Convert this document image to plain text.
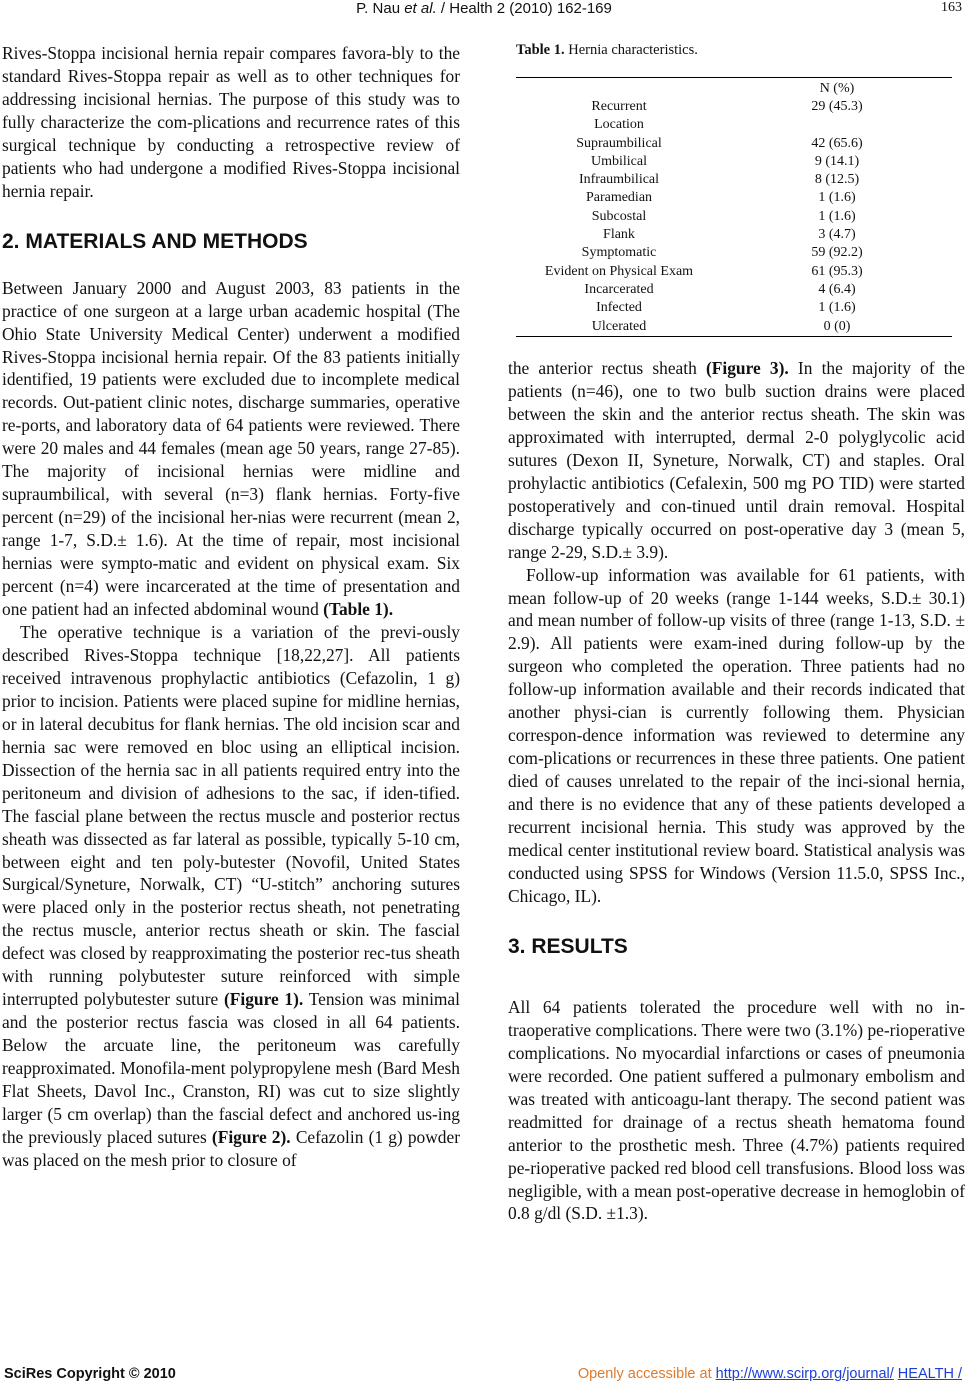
P. Nau et al. / Health 2 (2010) 162-169	163

Rives-Stoppa incisional hernia repair compares favora-bly to the standard Rives-Stoppa repair as well as to other techniques for addressing incisional hernias. The purpose of this study was to fully characterize the com-plications and recurrence rates of this surgical technique by conducting a retrospective review of patients who had undergone a modified Rives-Stoppa incisional hernia repair.

2. MATERIALS AND METHODS

Between January 2000 and August 2003, 83 patients in the practice of one surgeon at a large urban academic hospital (The Ohio State University Medical Center) underwent a modified Rives-Stoppa incisional hernia repair. Of the 83 patients initially identified, 19 patients were excluded due to incomplete medical records. Out-patient clinic notes, discharge summaries, operative re-ports, and laboratory data of 64 patients were reviewed. There were 20 males and 44 females (mean age 50 years, range 27-85). The majority of incisional hernias were midline and supraumbilical, with several (n=3) flank hernias. Forty-five percent (n=29) of the incisional her-nias were recurrent (mean 2, range 1-7, S.D.± 1.6). At the time of repair, most incisional hernias were sympto-matic and evident on physical exam. Six percent (n=4) were incarcerated at the time of presentation and one patient had an infected abdominal wound (Table 1).

The operative technique is a variation of the previ-ously described Rives-Stoppa technique [18,22,27]. All patients received intravenous prophylactic antibiotics (Cefazolin, 1 g) prior to incision. Patients were placed supine for midline hernias, or in lateral decubitus for flank hernias. The old incision scar and hernia sac were removed en bloc using an elliptical incision. Dissection of the hernia sac in all patients required entry into the peritoneum and division of adhesions to the sac, if iden-tified. The fascial plane between the rectus muscle and posterior rectus sheath was dissected as far lateral as possible, typically 5-10 cm, between eight and ten poly-butester (Novofil, United States Surgical/Syneture, Norwalk, CT) “U-stitch” anchoring sutures were placed only in the posterior rectus sheath, not penetrating the rectus muscle, anterior rectus sheath or skin. The fascial defect was closed by reapproximating the posterior rec-tus sheath with running polybutester suture reinforced with simple interrupted polybutester suture (Figure 1). Tension was minimal and the posterior rectus fascia was closed in all 64 patients. Below the arcuate line, the peritoneum was carefully reapproximated. Monofila-ment polypropylene mesh (Bard Mesh Flat Sheets, Davol Inc., Cranston, RI) was cut to size slightly larger (5 cm overlap) than the fascial defect and anchored us-ing the previously placed sutures (Figure 2). Cefazolin (1 g) powder was placed on the mesh prior to closure of

Table 1. Hernia characteristics.
	N (%)
Recurrent	29 (45.3)
Location	
Supraumbilical	42 (65.6)
Umbilical	9 (14.1)
Infraumbilical	8 (12.5)
Paramedian	1 (1.6)
Subcostal	1 (1.6)
Flank	3 (4.7)
Symptomatic	59 (92.2)
Evident on Physical Exam	61 (95.3)
Incarcerated	4 (6.4)
Infected	1 (1.6)
Ulcerated	0 (0)

the anterior rectus sheath (Figure 3). In the majority of the patients (n=46), one to two bulb suction drains were placed between the skin and the anterior rectus sheath. The skin was approximated with interrupted, dermal 2-0 polyglycolic acid sutures (Dexon II, Syneture, Norwalk, CT) and staples. Oral prohylactic antibiotics (Cefalexin, 500 mg PO TID) were started postoperatively and con-tinued until drain removal. Hospital discharge typically occurred on post-operative day 3 (mean 5, range 2-29, S.D.± 3.9).

Follow-up information was available for 61 patients, with mean follow-up of 20 weeks (range 1-144 weeks, S.D.± 30.1) and mean number of follow-up visits of three (range 1-13, S.D. ± 2.9). All patients were exam-ined during follow-up by the surgeon who completed the operation. Three patients had no follow-up information available and their records indicated that another physi-cian is currently following them. Physician correspon-dence information was reviewed to determine any com-plications or recurrences in these three patients. One patient died of causes unrelated to the repair of the inci-sional hernia, and there is no evidence that any of these patients developed a recurrent incisional hernia. This study was approved by the medical center institutional review board. Statistical analysis was conducted using SPSS for Windows (Version 11.5.0, SPSS Inc., Chicago, IL).

3. RESULTS

All 64 patients tolerated the procedure well with no in-traoperative complications. There were two (3.1%) pe-rioperative complications. No myocardial infarctions or cases of pneumonia were recorded. One patient suffered a pulmonary embolism and was treated with anticoagu-lant therapy. The second patient was readmitted for drainage of a rectus sheath hematoma found anterior to the prosthetic mesh. Three (4.7%) patients required pe-rioperative packed red blood cell transfusions. Blood loss was negligible, with a mean post-operative decrease in hemoglobin of 0.8 g/dl (S.D. ±1.3).

SciRes Copyright © 2010	Openly accessible at http://www.scirp.org/journal/ HEALTH /
